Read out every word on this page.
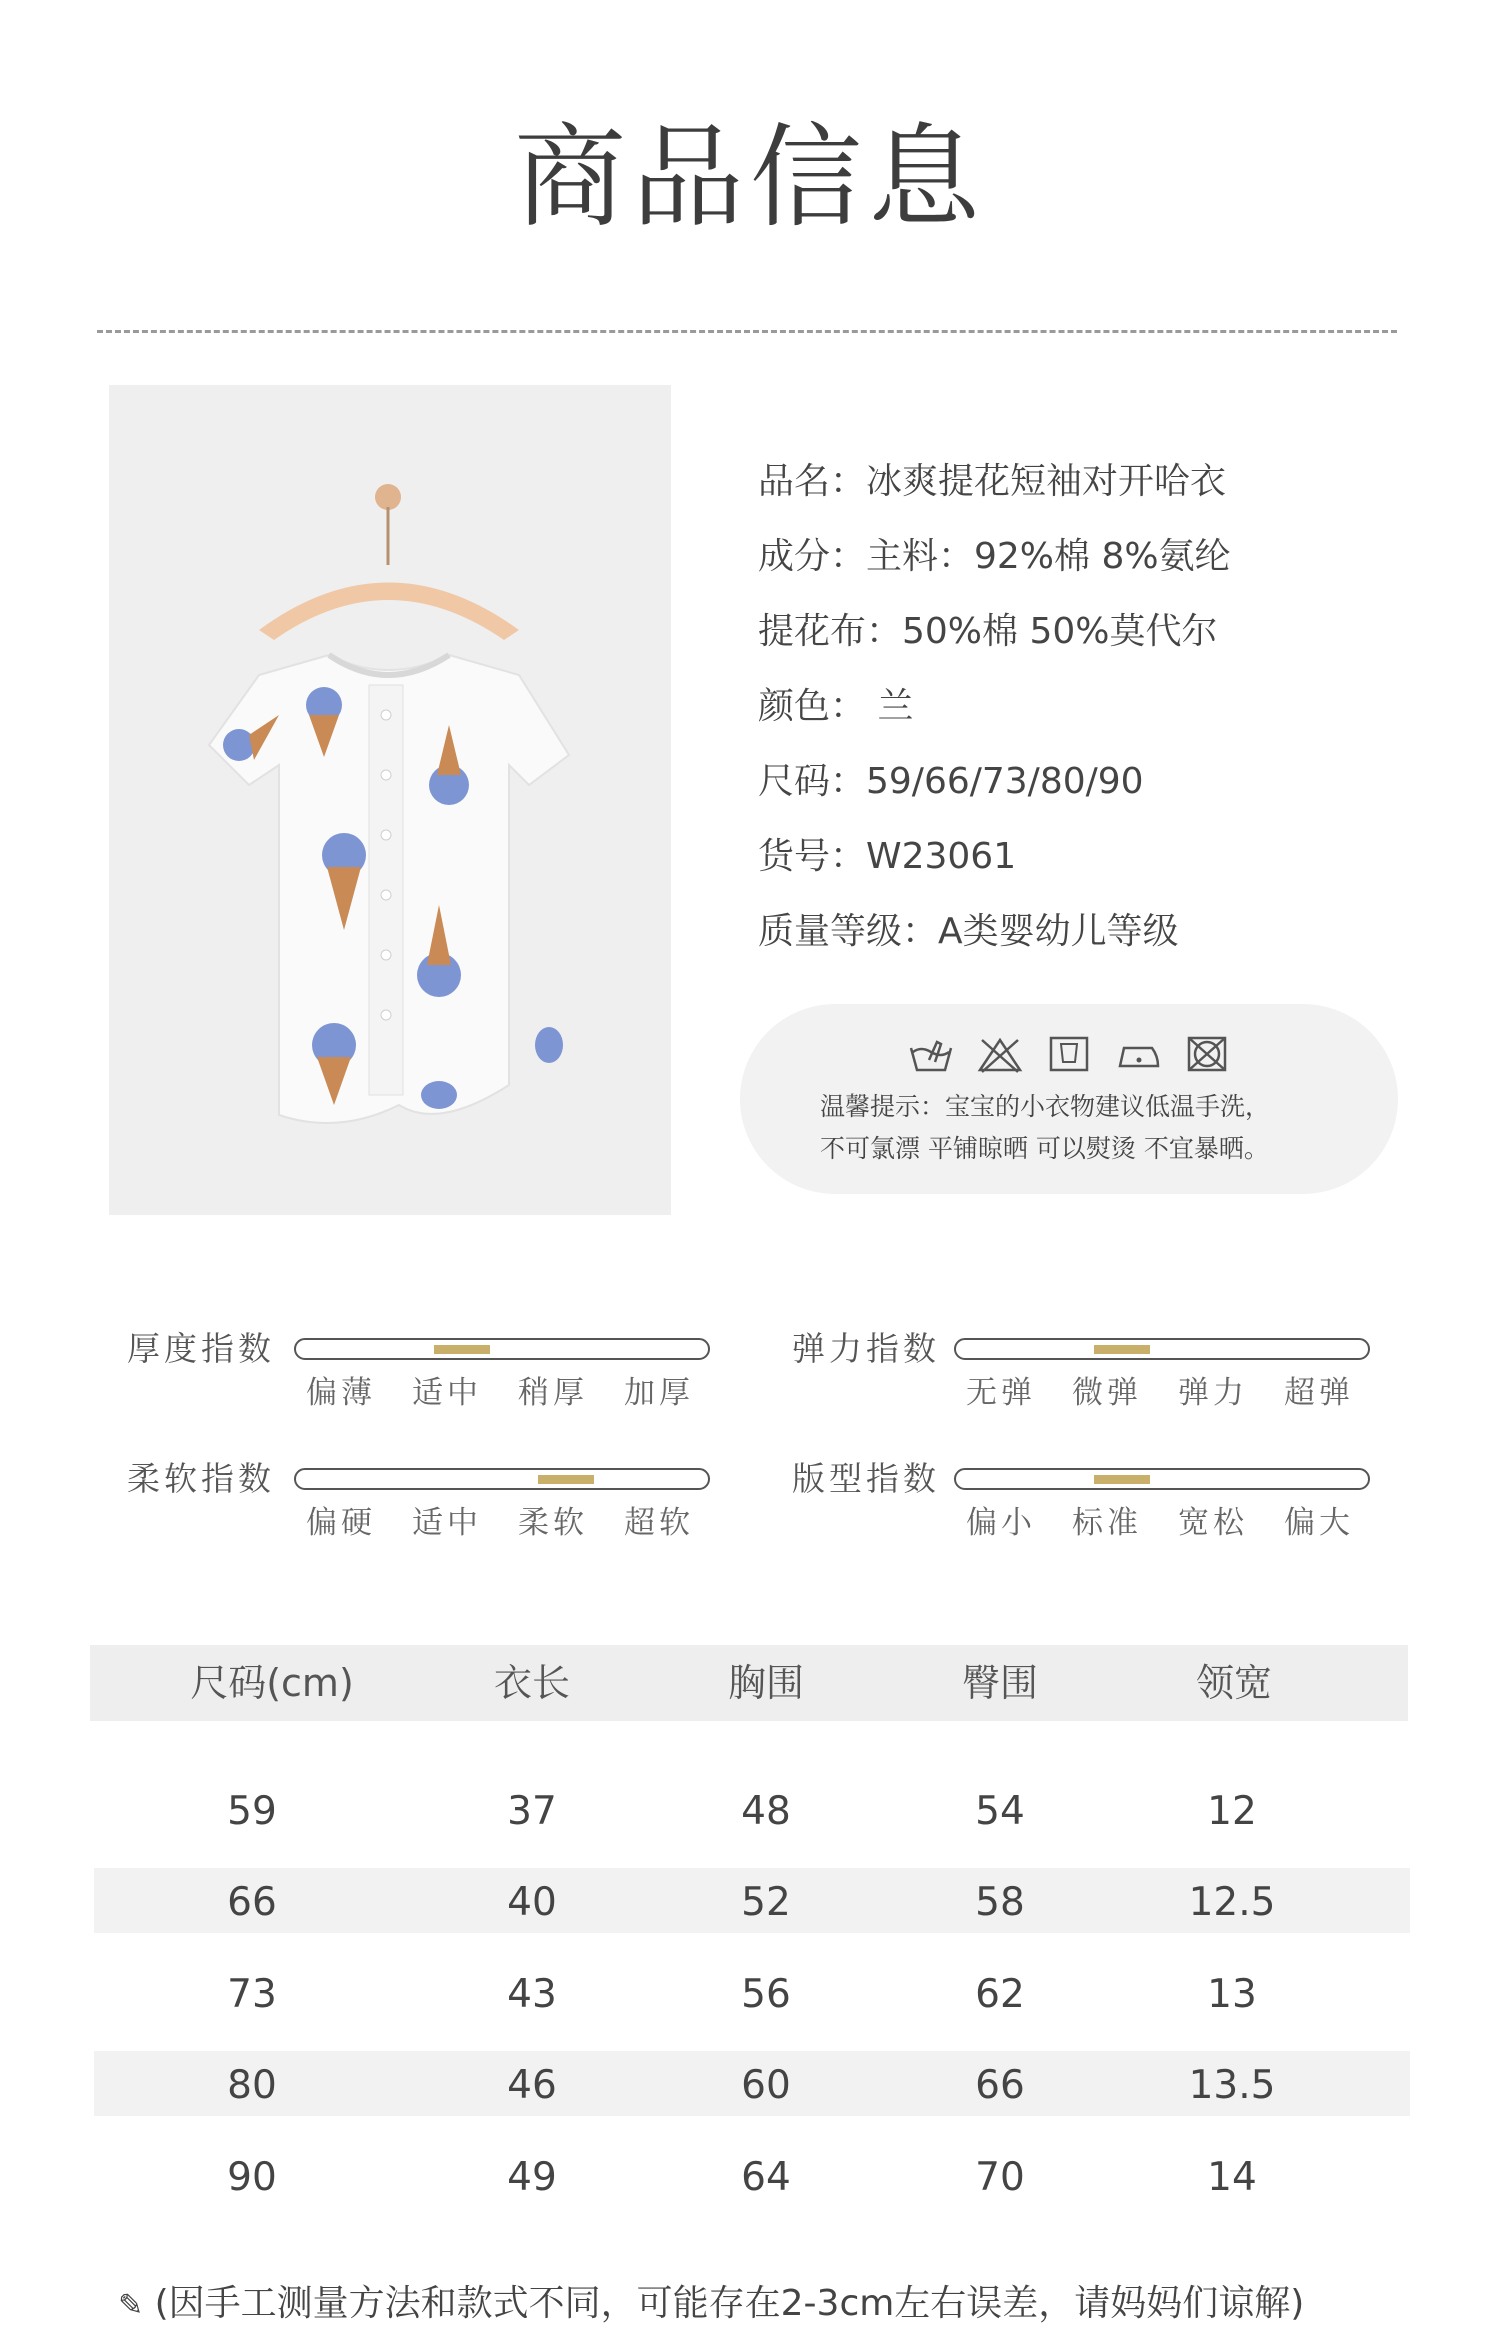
商品信息
品名：冰爽提花短袖对开哈衣
成分：主料：92%棉 8%氨纶
提花布：50%棉 50%莫代尔
颜色： 兰
尺码：59/66/73/80/90
货号：W23061
质量等级：A类婴幼儿等级

温馨提示：宝宝的小衣物建议低温手洗，
不可氯漂 平铺晾晒 可以熨烫 不宜暴晒。
厚度指数
偏薄 适中 稍厚 加厚
弹力指数
无弹 微弹 弹力 超弹
柔软指数
偏硬 适中 柔软 超软
版型指数
偏小 标准 宽松 偏大
尺码(cm)	衣长	胸围	臀围	领宽
59	37	48	54	12
66	40	52	58	12.5
73	43	56	62	13
80	46	60	66	13.5
90	49	64	70	14
✎ (因手工测量方法和款式不同，可能存在2-3cm左右误差，请妈妈们谅解)
